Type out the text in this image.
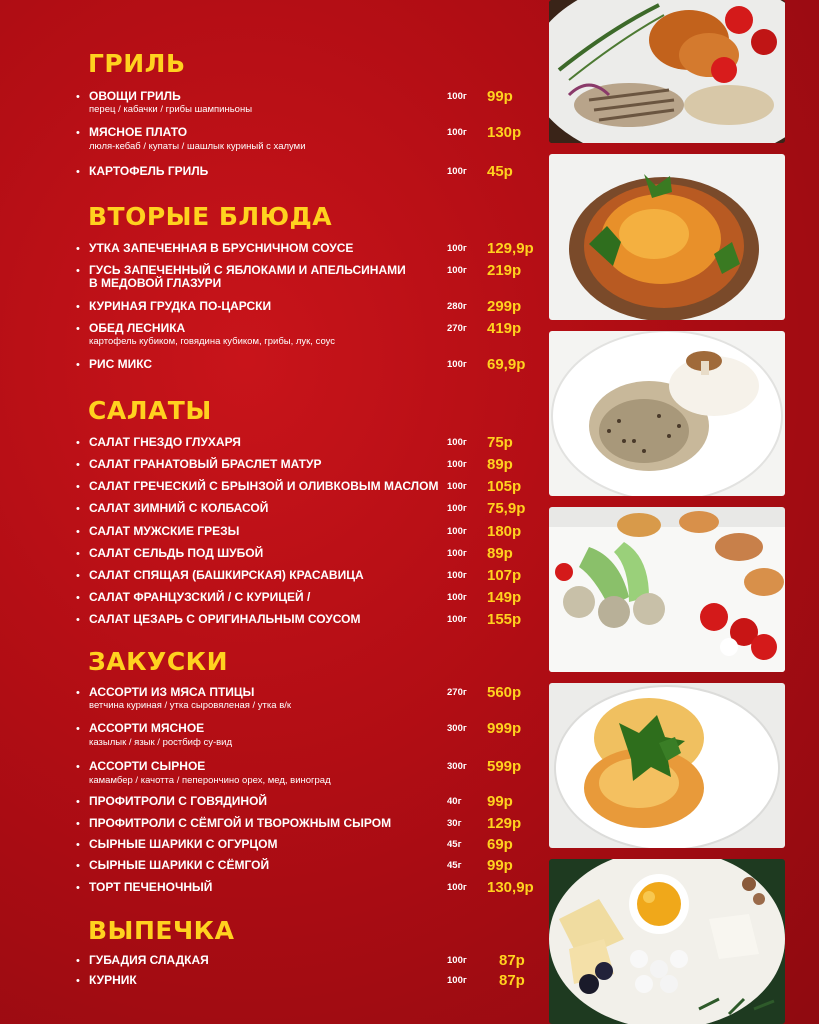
ГРИЛЬ
• ОВОЩИ ГРИЛЬ
перец / кабачки / грибы шампиньоны
100г 99р
• МЯСНОЕ ПЛАТО
люля-кебаб / купаты / шашлык куриный с халуми
100г 130р
• КАРТОФЕЛЬ ГРИЛЬ	100г 45р
ВТОРЫЕ БЛЮДА
• УТКА ЗАПЕЧЕННАЯ В БРУСНИЧНОМ СОУСЕ	100г 129,9р
• ГУСЬ ЗАПЕЧЕННЫЙ С ЯБЛОКАМИ И АПЕЛЬСИНАМИ
В МЕДОВОЙ ГЛАЗУРИ
100г 219р
• КУРИНАЯ ГРУДКА ПО-ЦАРСКИ	280г 299р
• ОБЕД ЛЕСНИКА
картофель кубиком, говядина кубиком, грибы, лук, соус
270г 419р
• РИС МИКС	100г 69,9р
САЛАТЫ
• САЛАТ ГНЕЗДО ГЛУХАРЯ	100г 75р
• САЛАТ ГРАНАТОВЫЙ БРАСЛЕТ МАТУР	100г 89р
• САЛАТ ГРЕЧЕСКИЙ С БРЫНЗОЙ И ОЛИВКОВЫМ МАСЛОМ 100г 105р
• САЛАТ ЗИМНИЙ С КОЛБАСОЙ	100г 75,9р
• САЛАТ МУЖСКИЕ ГРЕЗЫ	100г 180р
• САЛАТ СЕЛЬДЬ ПОД ШУБОЙ	100г 89р
• САЛАТ СПЯЩАЯ (БАШКИРСКАЯ) КРАСАВИЦА	100г 107р
• САЛАТ ФРАНЦУЗСКИЙ / С КУРИЦЕЙ /	100г 149р
• САЛАТ ЦЕЗАРЬ С ОРИГИНАЛЬНЫМ СОУСОМ	100г 155р
ЗАКУСКИ
• АССОРТИ ИЗ МЯСА ПТИЦЫ
ветчина куриная / утка сыровяленая / утка в/к
270г 560р
• АССОРТИ МЯСНОЕ
казылык / язык / ростбиф су-вид
300г 999р
• АССОРТИ СЫРНОЕ
камамбер / качотта / пеперончино орех, мед, виноград
300г 599р
• ПРОФИТРОЛИ С ГОВЯДИНОЙ	40г 99р
• ПРОФИТРОЛИ С СЁМГОЙ И ТВОРОЖНЫМ СЫРОМ	30г 129р
• СЫРНЫЕ ШАРИКИ С ОГУРЦОМ	45г 69р
• СЫРНЫЕ ШАРИКИ С СЁМГОЙ	45г 99р
• ТОРТ ПЕЧЕНОЧНЫЙ	100г 130,9р
ВЫПЕЧКА
• ГУБАДИЯ СЛАДКАЯ	100г 87р
• КУРНИК	100г 87р
